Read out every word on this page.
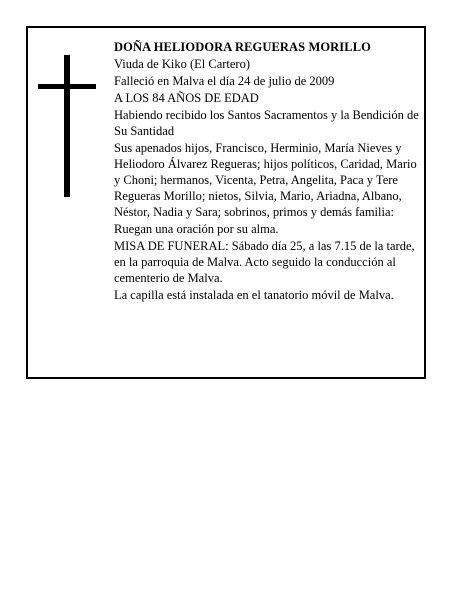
DOÑA HELIODORA REGUERAS MORILLO

Viuda de Kiko (El Cartero)

Falleció en Malva el día 24 de julio de 2009

A LOS 84 AÑOS DE EDAD

Habiendo recibido los Santos Sacramentos y la Bendición de Su Santidad

Sus apenados hijos, Francisco, Herminio, María Nieves y Heliodoro Álvarez Regueras; hijos políticos, Caridad, Mario y Choni; hermanos, Vicenta, Petra, Angelita, Paca y Tere Regueras Morillo; nietos, Silvia, Mario, Ariadna, Albano, Néstor, Nadia y Sara; sobrinos, primos y demás familia:

Ruegan una oración por su alma.

MISA DE FUNERAL: Sábado día 25, a las 7.15 de la tarde, en la parroquia de Malva. Acto seguido la conducción al cementerio de Malva.

La capilla está instalada en el tanatorio móvil de Malva.
